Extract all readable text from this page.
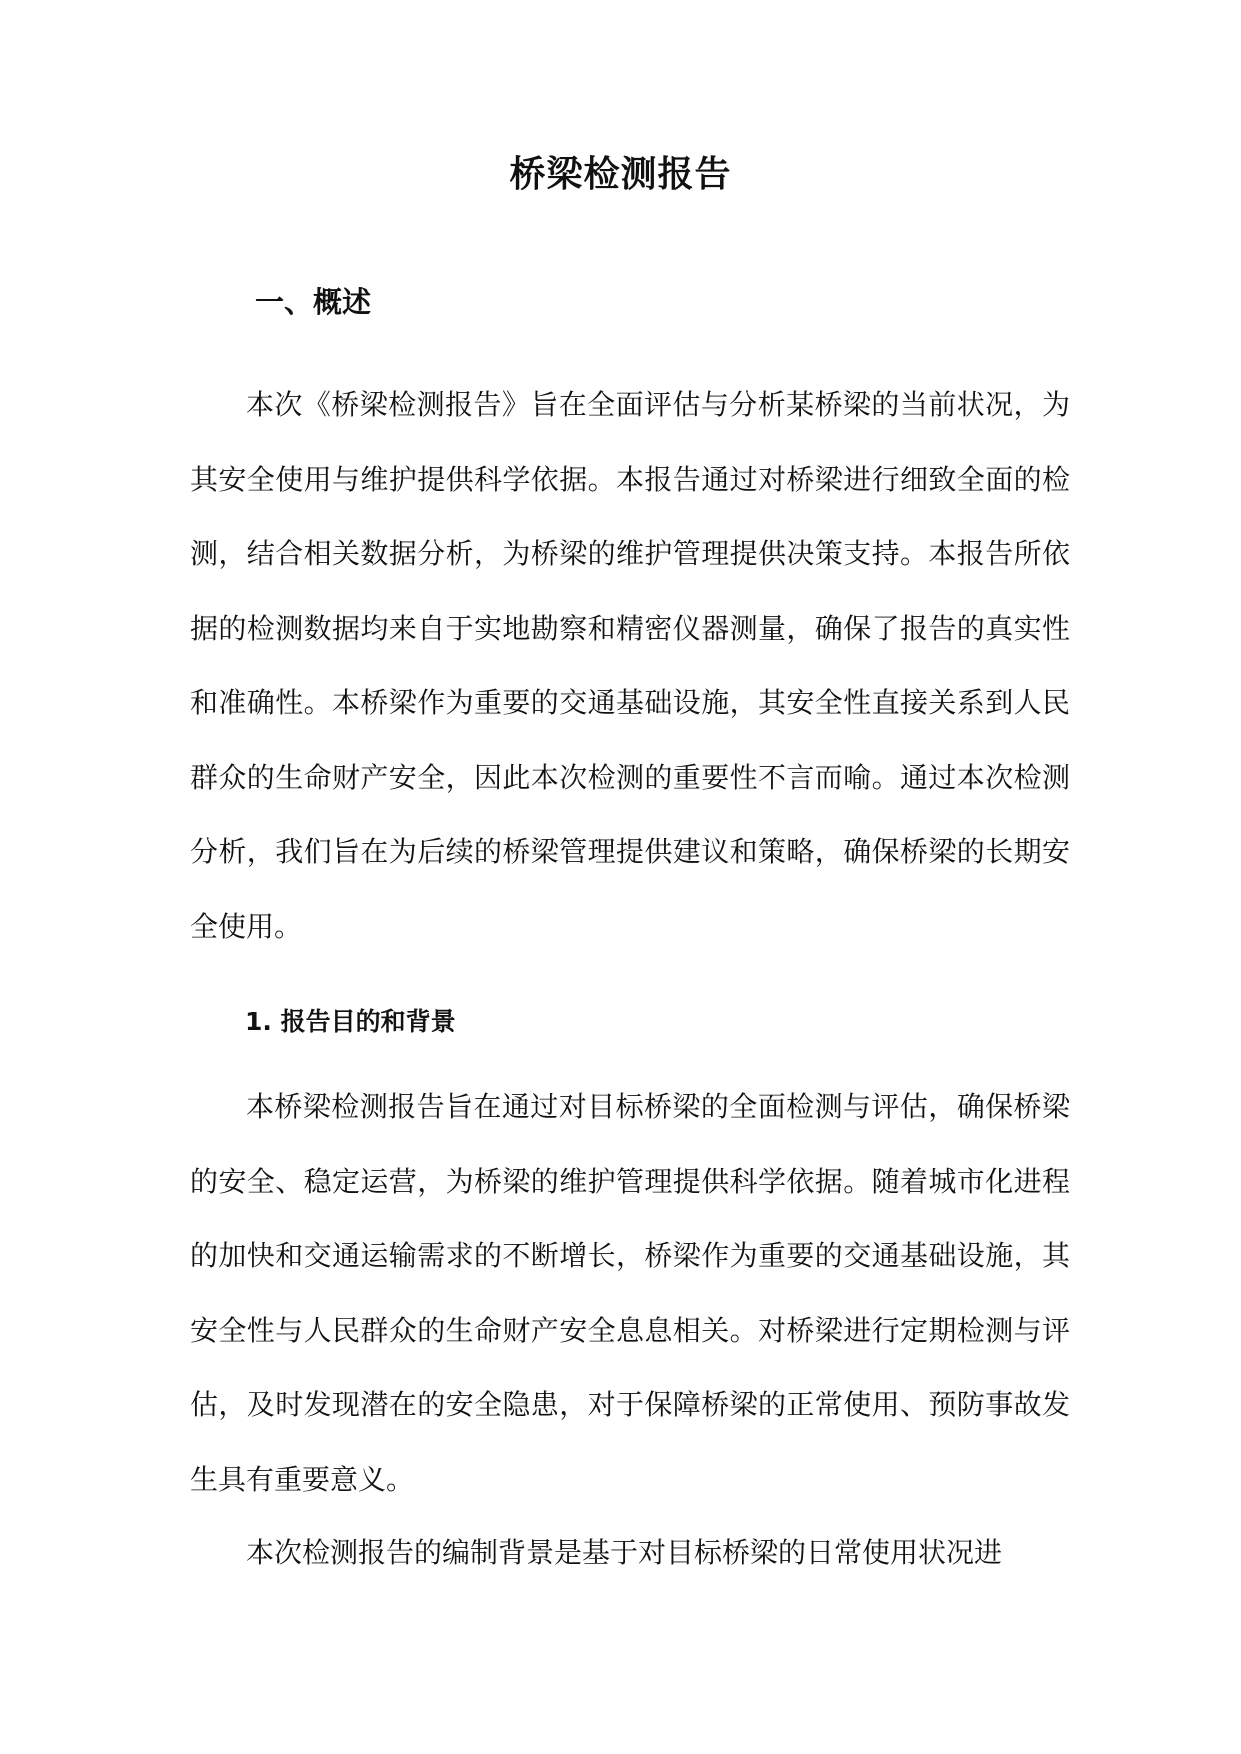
桥梁检测报告
一、概述

本次《桥梁检测报告》旨在全面评估与分析某桥梁的当前状况，为其安全使用与维护提供科学依据。本报告通过对桥梁进行细致全面的检测，结合相关数据分析，为桥梁的维护管理提供决策支持。本报告所依据的检测数据均来自于实地勘察和精密仪器测量，确保了报告的真实性和准确性。本桥梁作为重要的交通基础设施，其安全性直接关系到人民群众的生命财产安全，因此本次检测的重要性不言而喻。通过本次检测分析，我们旨在为后续的桥梁管理提供建议和策略，确保桥梁的长期安全使用。

1. 报告目的和背景

本桥梁检测报告旨在通过对目标桥梁的全面检测与评估，确保桥梁的安全、稳定运营，为桥梁的维护管理提供科学依据。随着城市化进程的加快和交通运输需求的不断增长，桥梁作为重要的交通基础设施，其安全性与人民群众的生命财产安全息息相关。对桥梁进行定期检测与评估，及时发现潜在的安全隐患，对于保障桥梁的正常使用、预防事故发生具有重要意义。

本次检测报告的编制背景是基于对目标桥梁的日常使用状况进
